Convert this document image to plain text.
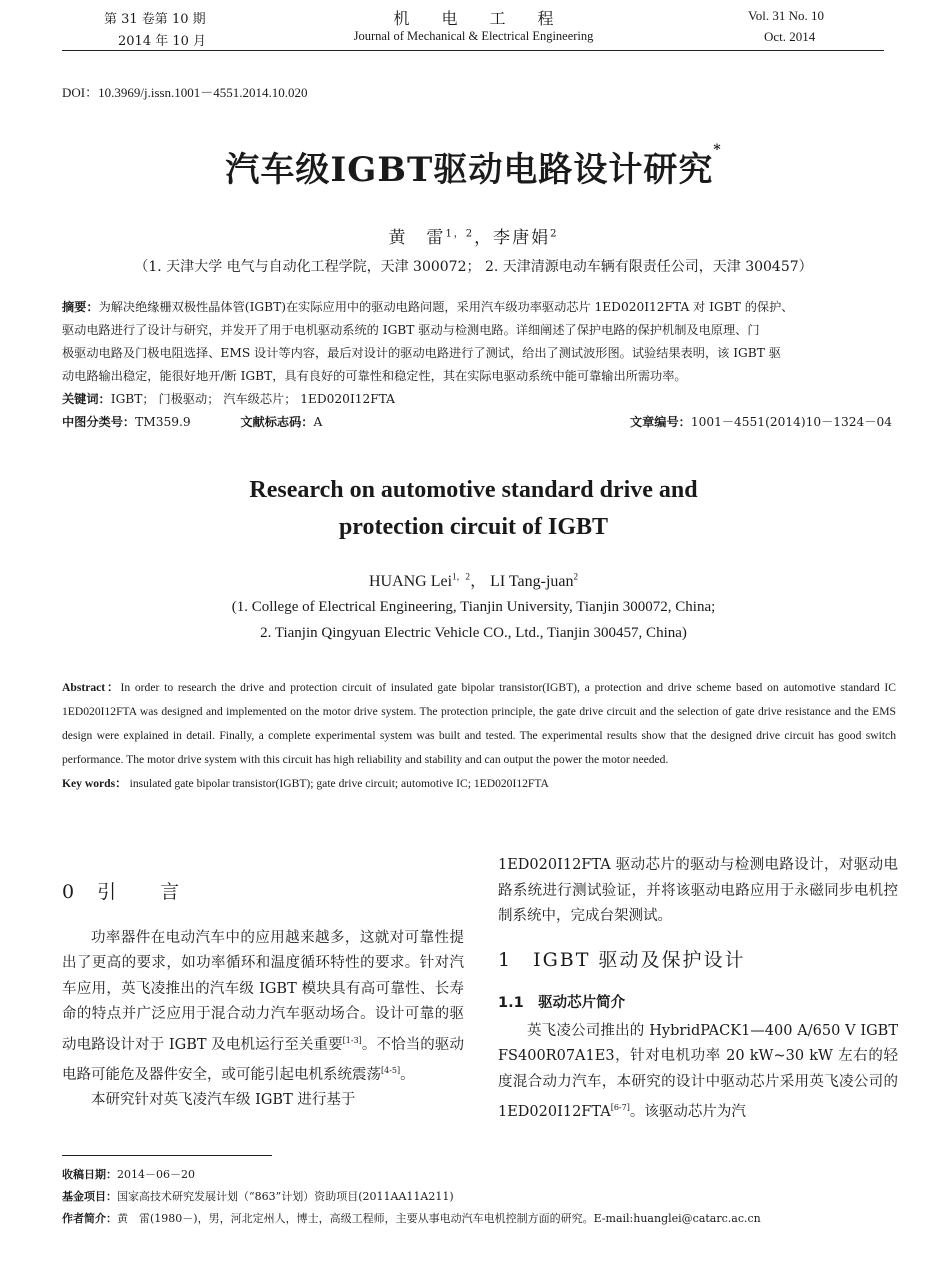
第 31 卷第 10 期
2014 年 10 月
机　　电　　工　　程
Journal of Mechanical & Electrical Engineering
Vol. 31 No. 10
Oct. 2014
DOI：10.3969/j.issn.1001－4551.2014.10.020
汽车级IGBT驱动电路设计研究*
黄　雷$^{1,2}$，李唐娟$^2$
（1. 天津大学 电气与自动化工程学院，天津 300072； 2. 天津清源电动车辆有限责任公司，天津 300457）
摘要：为解决绝缘栅双极性晶体管(IGBT)在实际应用中的驱动电路问题，采用汽车级功率驱动芯片 1ED020I12FTA 对 IGBT 的保护、
驱动电路进行了设计与研究，并发开了用于电机驱动系统的 IGBT 驱动与检测电路。详细阐述了保护电路的保护机制及电原理、门
极驱动电路及门极电阻选择、EMS 设计等内容，最后对设计的驱动电路进行了测试，给出了测试波形图。试验结果表明，该 IGBT 驱
动电路输出稳定，能很好地开/断 IGBT，具有良好的可靠性和稳定性，其在实际电驱动系统中能可靠输出所需功率。
关键词：IGBT； 门极驱动； 汽车级芯片； 1ED020I12FTA
中图分类号：TM359.9	文献标志码：A	文章编号：1001－4551(2014)10－1324－04
Research on automotive standard drive and
protection circuit of IGBT
HUANG Lei$^{1,2}$， LI Tang-juan$^2$
(1. College of Electrical Engineering, Tianjin University, Tianjin 300072, China;
2. Tianjin Qingyuan Electric Vehicle CO., Ltd., Tianjin 300457, China)
Abstract：In order to research the drive and protection circuit of insulated gate bipolar transistor(IGBT), a protection and drive scheme based on automotive standard IC 1ED020I12FTA was designed and implemented on the motor drive system. The protection principle, the gate drive circuit and the selection of gate drive resistance and the EMS design were explained in detail. Finally, a complete experimental system was built and tested. The experimental results show that the designed drive circuit has good switch performance. The motor drive system with this circuit has high reliability and stability and can output the power the motor needed.
Key words： insulated gate bipolar transistor(IGBT); gate drive circuit; automotive IC; 1ED020I12FTA
0　引　　言

功率器件在电动汽车中的应用越来越多，这就对可靠性提出了更高的要求，如功率循环和温度循环特性的要求。针对汽车应用，英飞凌推出的汽车级 IGBT 模块具有高可靠性、长寿命的特点并广泛应用于混合动力汽车驱动场合。设计可靠的驱动电路设计对于 IGBT 及电机运行至关重要[1-3]。不恰当的驱动电路可能危及器件安全，或可能引起电机系统震荡[4-5]。

本研究针对英飞凌汽车级 IGBT 进行基于

1ED020I12FTA 驱动芯片的驱动与检测电路设计，对驱动电路系统进行测试验证，并将该驱动电路应用于永磁同步电机控制系统中，完成台架测试。

1　IGBT 驱动及保护设计
1.1　驱动芯片简介

英飞凌公司推出的 HybridPACK1—400 A/650 V IGBT FS400R07A1E3，针对电机功率 20 kW~30 kW 左右的轻度混合动力汽车，本研究的设计中驱动芯片采用英飞凌公司的 1ED020I12FTA[6-7]。该驱动芯片为汽

收稿日期：2014－06－20
基金项目：国家高技术研究发展计划（“863”计划）资助项目(2011AA11A211)
作者简介：黄　雷(1980－)，男，河北定州人，博士，高级工程师，主要从事电动汽车电机控制方面的研究。E-mail:huanglei@catarc.ac.cn
